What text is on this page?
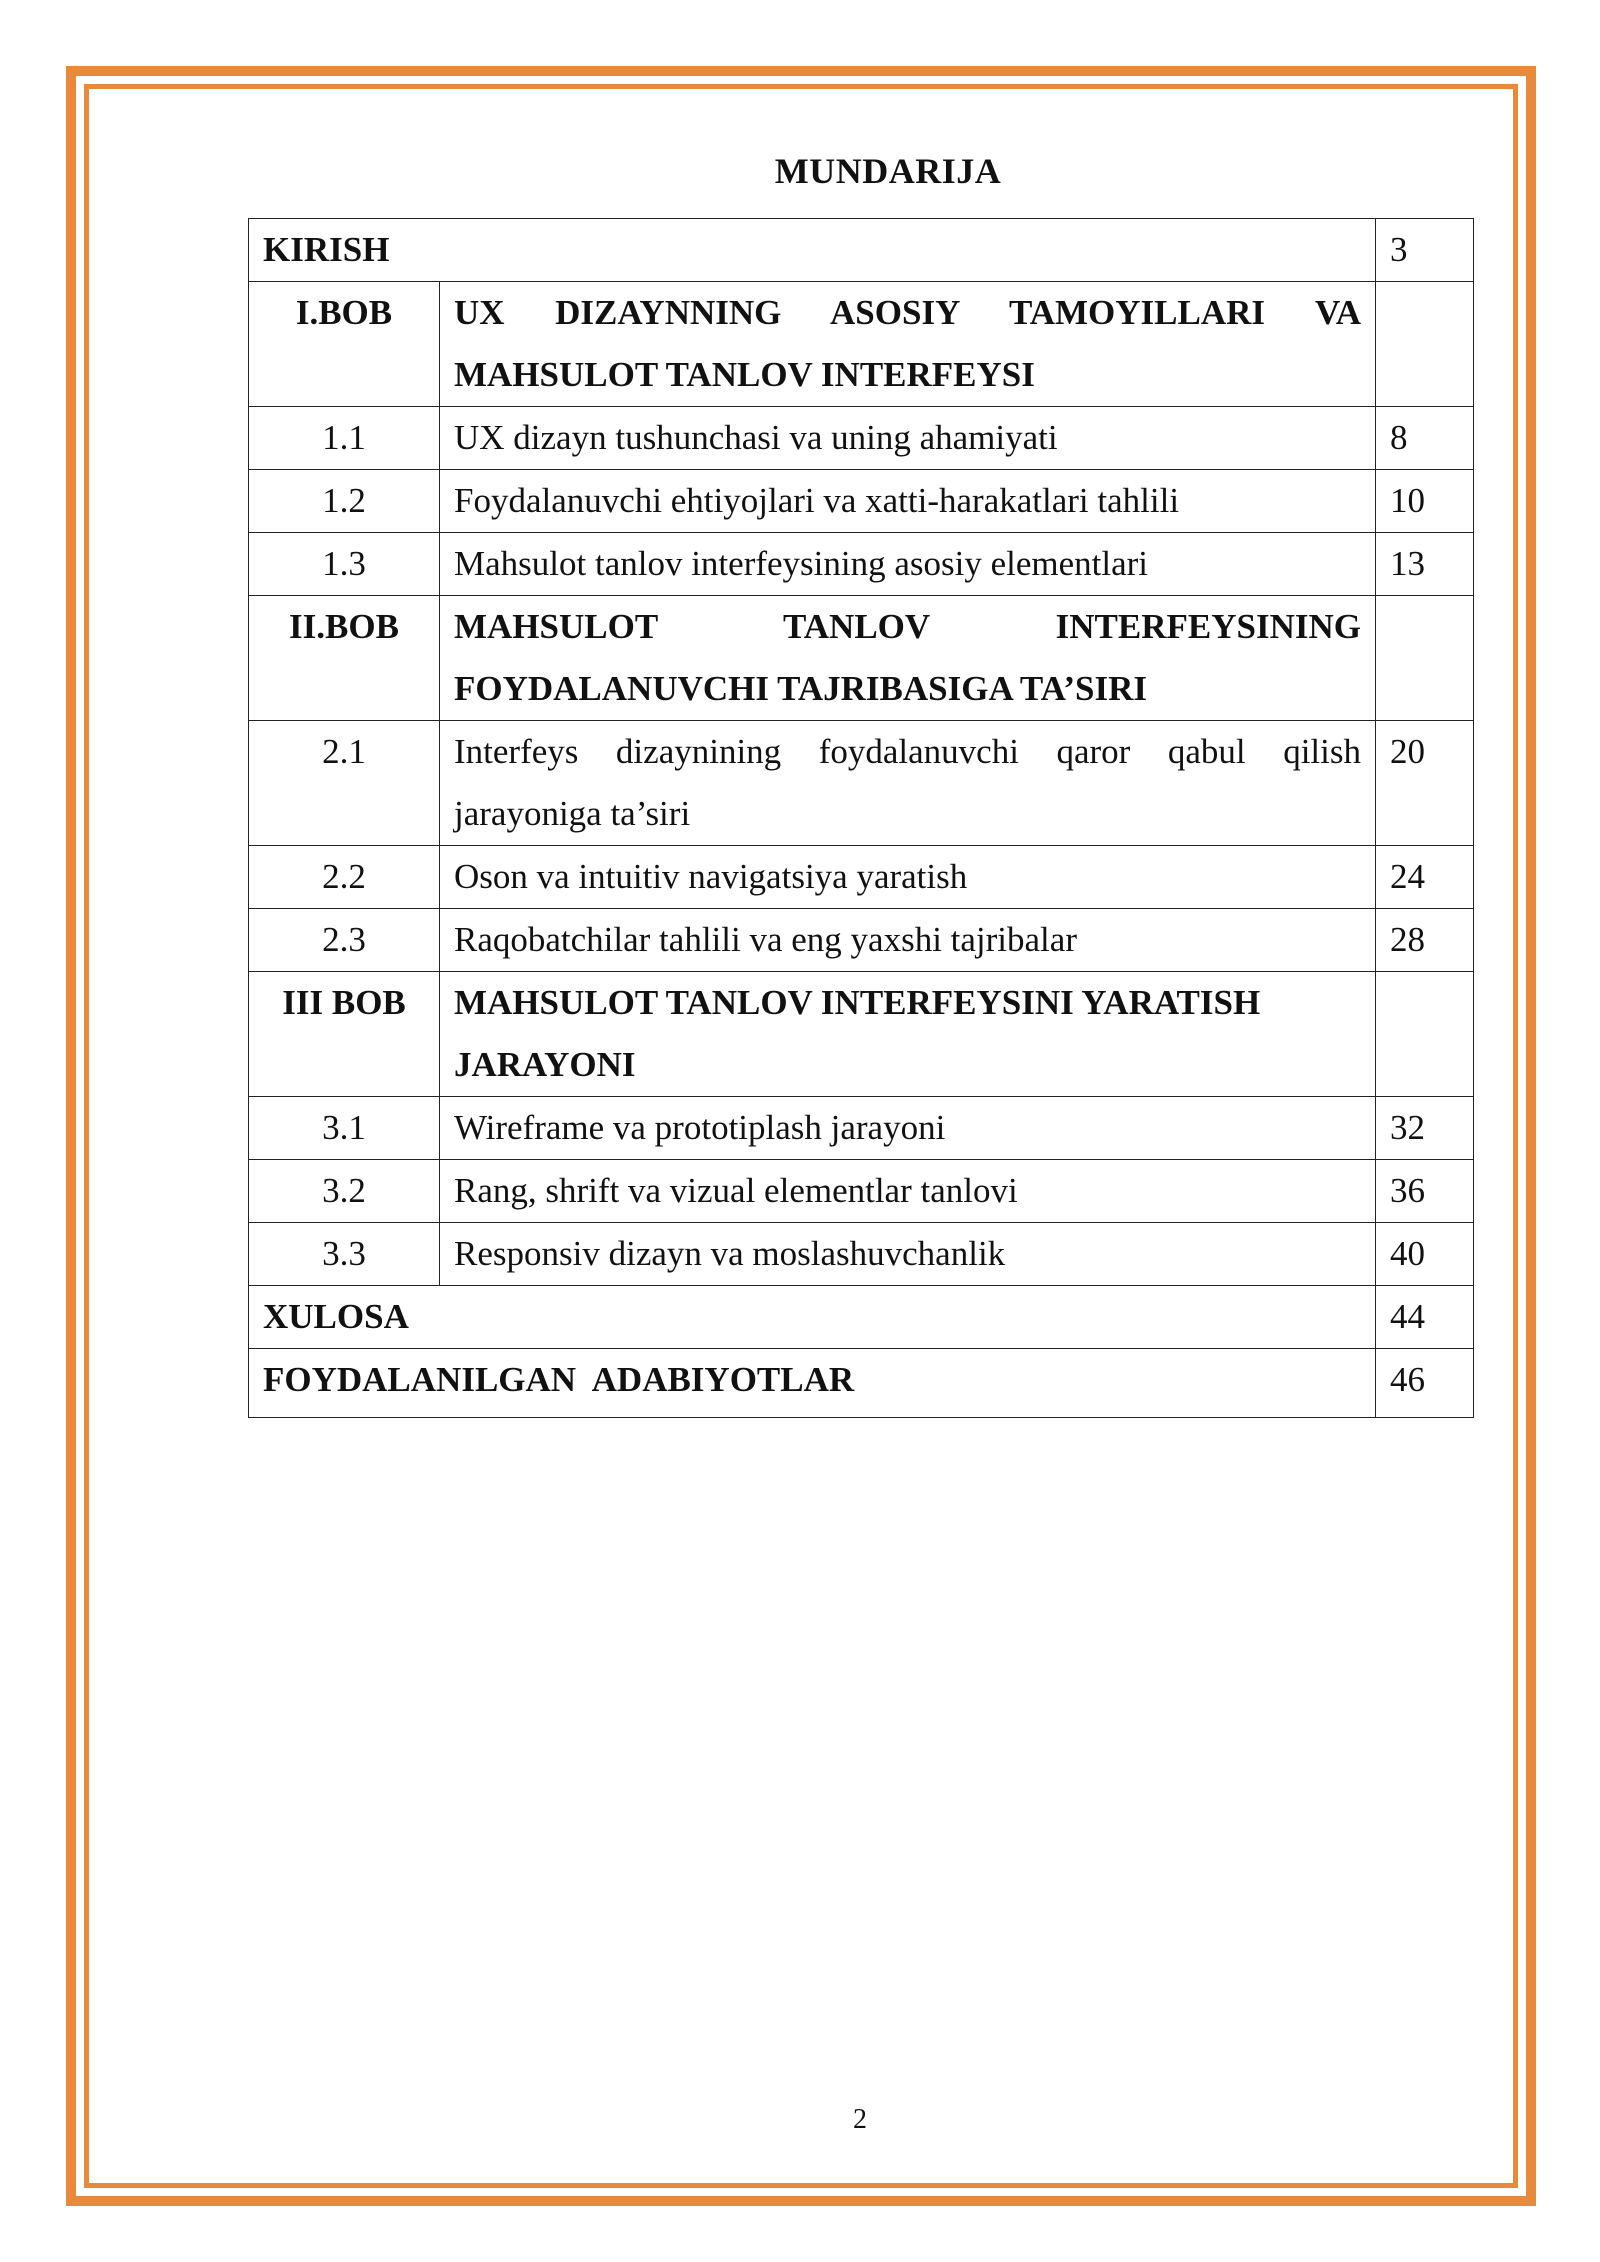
MUNDARIJA
KIRISH		3
I.BOB	UX DIZAYNNING ASOSIY TAMOYILLARI VA MAHSULOT TANLOV INTERFEYSI	
1.1	UX dizayn tushunchasi va uning ahamiyati	8
1.2	Foydalanuvchi ehtiyojlari va xatti-harakatlari tahlili	10
1.3	Mahsulot tanlov interfeysining asosiy elementlari	13
II.BOB	MAHSULOT TANLOV INTERFEYSINING FOYDALANUVCHI TAJRIBASIGA TA’SIRI	
2.1	Interfeys dizaynining foydalanuvchi qaror qabul qilish jarayoniga ta’siri	20
2.2	Oson va intuitiv navigatsiya yaratish	24
2.3	Raqobatchilar tahlili va eng yaxshi tajribalar	28
III BOB	MAHSULOT TANLOV INTERFEYSINI YARATISH JARAYONI	
3.1	Wireframe va prototiplash jarayoni	32
3.2	Rang, shrift va vizual elementlar tanlovi	36
3.3	Responsiv dizayn va moslashuvchanlik	40
XULOSA		44
FOYDALANILGAN  ADABIYOTLAR		46
2
